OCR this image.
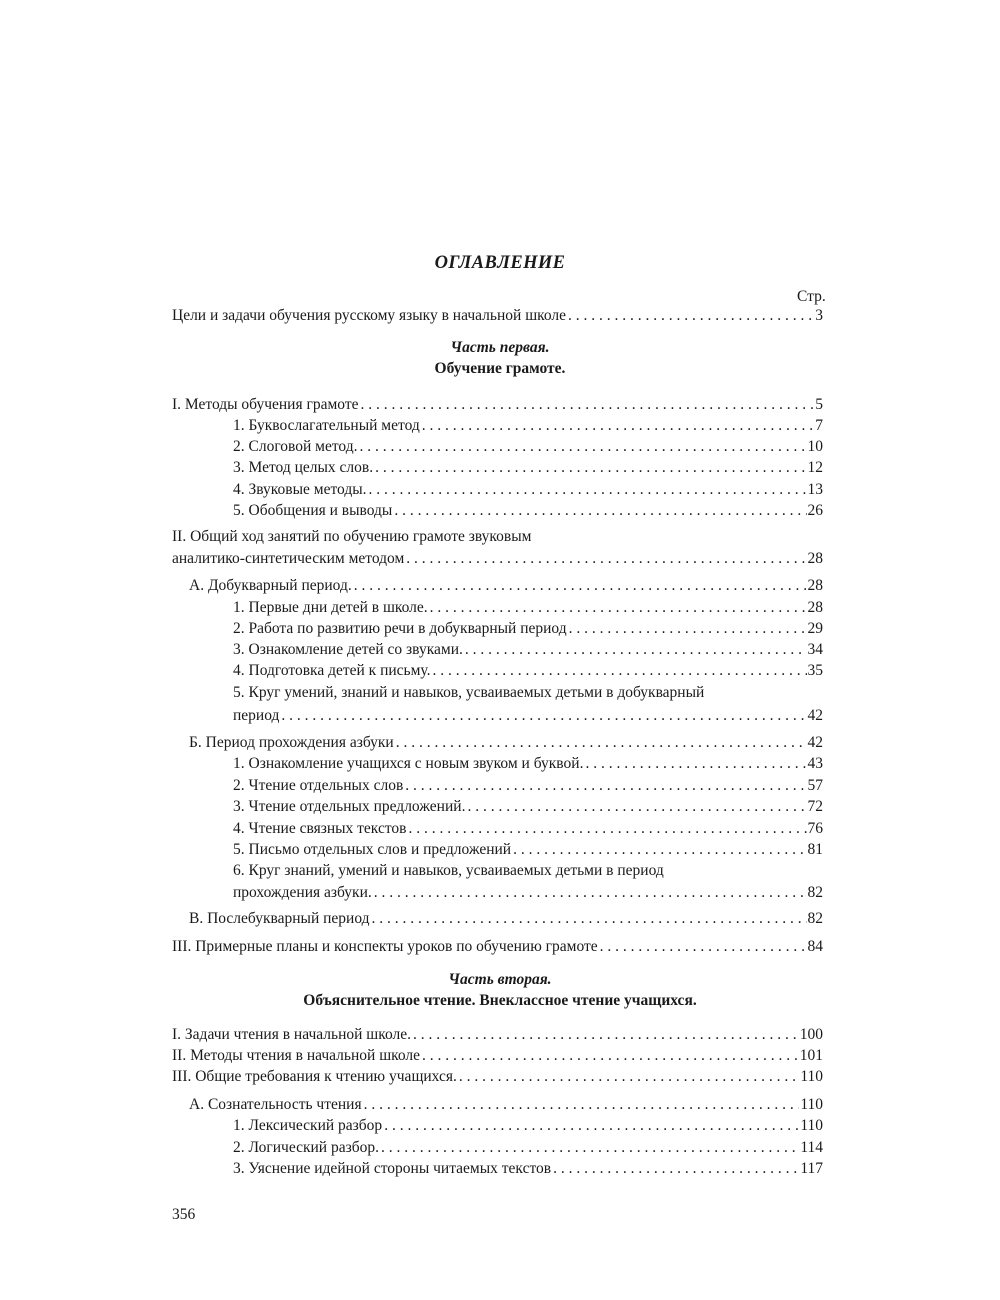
ОГЛАВЛЕНИЕ
Стр.
Цели и задачи обучения русскому языку в начальной школе . . .	3
Часть первая.
Обучение грамоте.
I. Методы обучения грамоте . . .	5
1. Буквослагательный метод . . .	7
2. Слоговой метод. . . .	10
3. Метод целых слов. . . .	12
4. Звуковые методы. . . .	13
5. Обобщения и выводы . . .	26
II. Общий ход занятий по обучению грамоте звуковым
аналитико-синтетическим методом . . .	28
А. Добукварный период. . . .	28
1. Первые дни детей в школе. . . .	28
2. Работа по развитию речи в добукварный период . . .	29
3. Ознакомление детей со звуками. . . .	34
4. Подготовка детей к письму. . . .	35
5. Круг умений, знаний и навыков, усваиваемых детьми в добукварный
период . . .	42
Б. Период прохождения азбуки . . .	42
1. Ознакомление учащихся с новым звуком и буквой. . . .	43
2. Чтение отдельных слов . . .	57
3. Чтение отдельных предложений. . . .	72
4. Чтение связных текстов . . .	76
5. Письмо отдельных слов и предложений . . .	81
6. Круг знаний, умений и навыков, усваиваемых детьми в период
прохождения азбуки. . . .	82
В. Послебукварный период . . .	82
III. Примерные планы и конспекты уроков по обучению грамоте . . .	84
Часть вторая.
Объяснительное чтение. Внеклассное чтение учащихся.
I. Задачи чтения в начальной школе. . . .	100
II. Методы чтения в начальной школе . . .	101
III. Общие требования к чтению учащихся. . . .	110
А. Сознательность чтения . . .	110
1. Лексический разбор . . .	110
2. Логический разбор. . . .	114
3. Уяснение идейной стороны читаемых текстов . . .	117
356
